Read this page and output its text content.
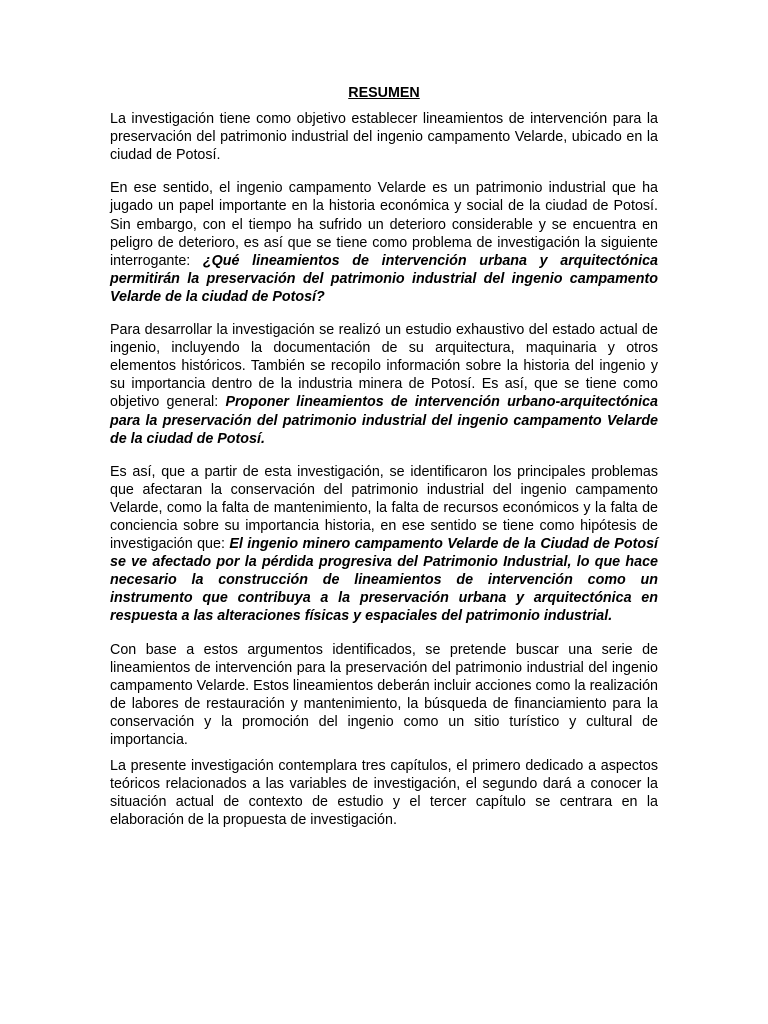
RESUMEN

La investigación tiene como objetivo establecer lineamientos de intervención para la preservación del patrimonio industrial del ingenio campamento Velarde, ubicado en la ciudad de Potosí.

En ese sentido, el ingenio campamento Velarde es un patrimonio industrial que ha jugado un papel importante en la historia económica y social de la ciudad de Potosí. Sin embargo, con el tiempo ha sufrido un deterioro considerable y se encuentra en peligro de deterioro, es así que se tiene como problema de investigación la siguiente interrogante: ¿Qué lineamientos de intervención urbana y arquitectónica permitirán la preservación del patrimonio industrial del ingenio campamento Velarde de la ciudad de Potosí?

Para desarrollar la investigación se realizó un estudio exhaustivo del estado actual de ingenio, incluyendo la documentación de su arquitectura, maquinaria y otros elementos históricos. También se recopilo información sobre la historia del ingenio y su importancia dentro de la industria minera de Potosí. Es así, que se tiene como objetivo general: Proponer lineamientos de intervención urbano-arquitectónica para la preservación del patrimonio industrial del ingenio campamento Velarde de la ciudad de Potosí.

Es así, que a partir de esta investigación, se identificaron los principales problemas que afectaran la conservación del patrimonio industrial del ingenio campamento Velarde, como la falta de mantenimiento, la falta de recursos económicos y la falta de conciencia sobre su importancia historia, en ese sentido se tiene como hipótesis de investigación que: El ingenio minero campamento Velarde de la Ciudad de Potosí se ve afectado por la pérdida progresiva del Patrimonio Industrial, lo que hace necesario la construcción de lineamientos de intervención como un instrumento que contribuya a la preservación urbana y arquitectónica en respuesta a las alteraciones físicas y espaciales del patrimonio industrial.

Con base a estos argumentos identificados, se pretende buscar una serie de lineamientos de intervención para la preservación del patrimonio industrial del ingenio campamento Velarde. Estos lineamientos deberán incluir acciones como la realización de labores de restauración y mantenimiento, la búsqueda de financiamiento para la conservación y la promoción del ingenio como un sitio turístico y cultural de importancia.

La presente investigación contemplara tres capítulos, el primero dedicado a aspectos teóricos relacionados a las variables de investigación, el segundo dará a conocer la situación actual de contexto de estudio y el tercer capítulo se centrara en la elaboración de la propuesta de investigación.
